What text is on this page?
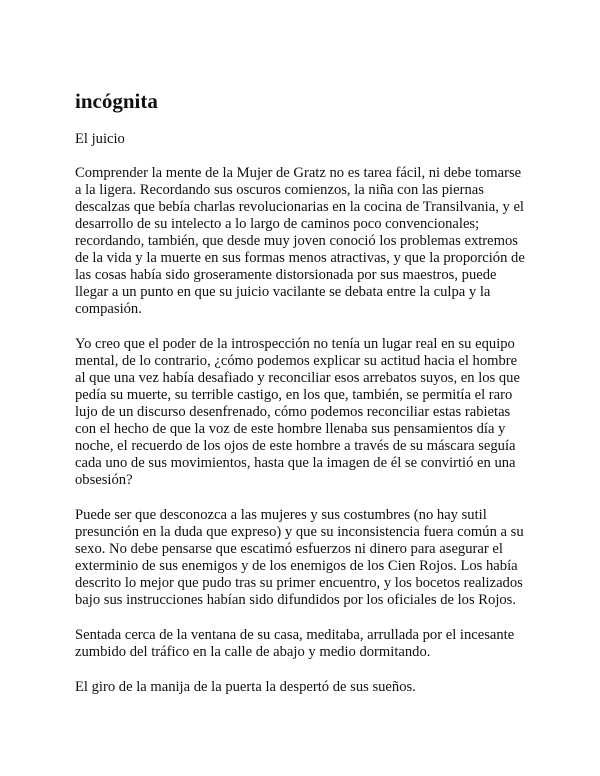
incógnita

El juicio

Comprender la mente de la Mujer de Gratz no es tarea fácil, ni debe tomarse a la ligera. Recordando sus oscuros comienzos, la niña con las piernas descalzas que bebía charlas revolucionarias en la cocina de Transilvania, y el desarrollo de su intelecto a lo largo de caminos poco convencionales; recordando, también, que desde muy joven conoció los problemas extremos de la vida y la muerte en sus formas menos atractivas, y que la proporción de las cosas había sido groseramente distorsionada por sus maestros, puede llegar a un punto en que su juicio vacilante se debata entre la culpa y la compasión.

Yo creo que el poder de la introspección no tenía un lugar real en su equipo mental, de lo contrario, ¿cómo podemos explicar su actitud hacia el hombre al que una vez había desafiado y reconciliar esos arrebatos suyos, en los que pedía su muerte, su terrible castigo, en los que, también, se permitía el raro lujo de un discurso desenfrenado, cómo podemos reconciliar estas rabietas con el hecho de que la voz de este hombre llenaba sus pensamientos día y noche, el recuerdo de los ojos de este hombre a través de su máscara seguía cada uno de sus movimientos, hasta que la imagen de él se convirtió en una obsesión?

Puede ser que desconozca a las mujeres y sus costumbres (no hay sutil presunción en la duda que expreso) y que su inconsistencia fuera común a su sexo. No debe pensarse que escatimó esfuerzos ni dinero para asegurar el exterminio de sus enemigos y de los enemigos de los Cien Rojos. Los había descrito lo mejor que pudo tras su primer encuentro, y los bocetos realizados bajo sus instrucciones habían sido difundidos por los oficiales de los Rojos.

Sentada cerca de la ventana de su casa, meditaba, arrullada por el incesante zumbido del tráfico en la calle de abajo y medio dormitando.

El giro de la manija de la puerta la despertó de sus sueños.
